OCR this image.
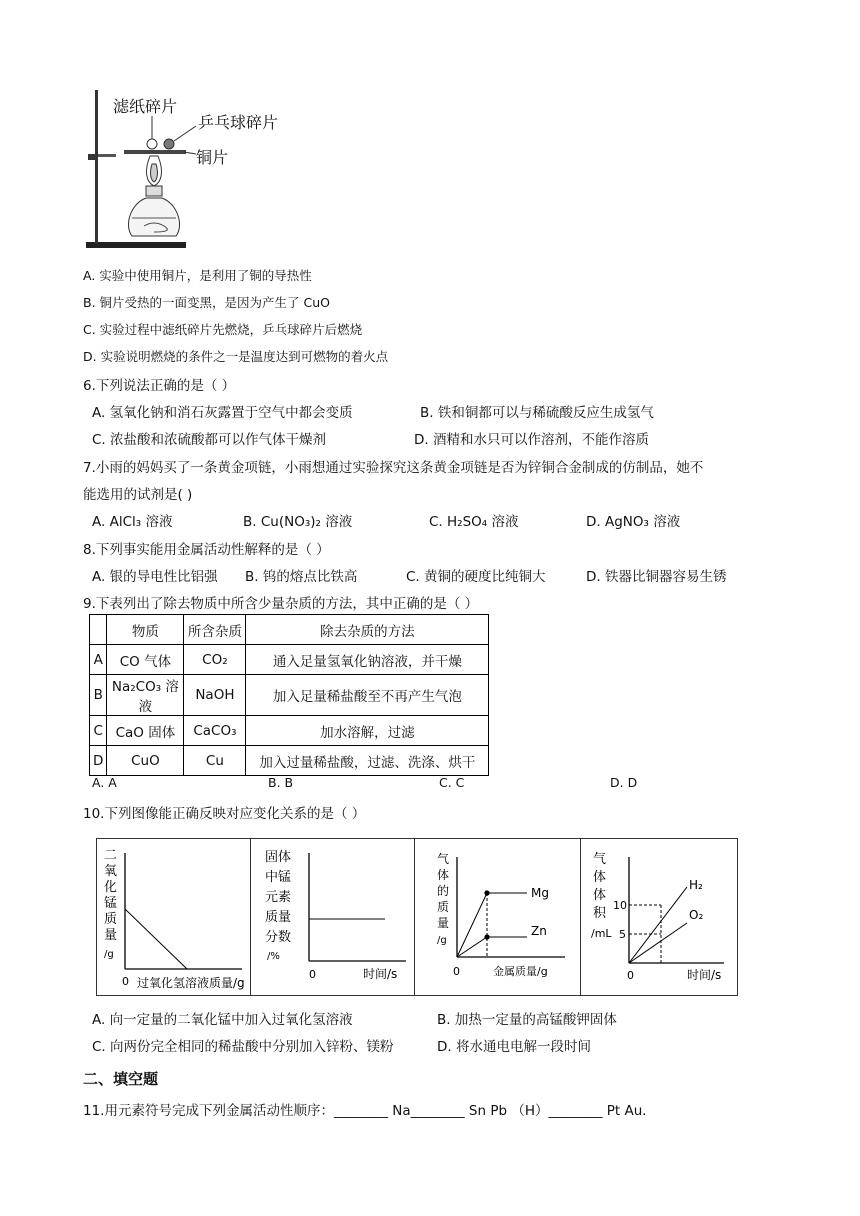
滤纸碎片
乒乓球碎片
铜片
A. 实验中使用铜片，是利用了铜的导热性
B. 铜片受热的一面变黑，是因为产生了 CuO
C. 实验过程中滤纸碎片先燃烧，乒乓球碎片后燃烧
D. 实验说明燃烧的条件之一是温度达到可燃物的着火点
6.下列说法正确的是（ ）
A. 氢氧化钠和消石灰露置于空气中都会变质	B. 铁和铜都可以与稀硫酸反应生成氢气
C. 浓盐酸和浓硫酸都可以作气体干燥剂	D. 酒精和水只可以作溶剂，不能作溶质
7.小雨的妈妈买了一条黄金项链，小雨想通过实验探究这条黄金项链是否为锌铜合金制成的仿制品，她不
能选用的试剂是( )
A. AlCl₃ 溶液	B. Cu(NO₃)₂ 溶液	C. H₂SO₄ 溶液	D. AgNO₃ 溶液
8.下列事实能用金属活动性解释的是（ ）
A. 银的导电性比铝强 B. 钨的熔点比铁高	C. 黄铜的硬度比纯铜大	D. 铁器比铜器容易生锈
9.下表列出了除去物质中所含少量杂质的方法，其中正确的是（ ）
	物质	所含杂质	除去杂质的方法
A	CO 气体	CO₂	通入足量氢氧化钠溶液，并干燥
B	Na₂CO₃ 溶液	NaOH	加入足量稀盐酸至不再产生气泡
C	CaO 固体	CaCO₃	加水溶解，过滤
D	CuO	Cu	加入过量稀盐酸，过滤、洗涤、烘干
A. A	B. B	C. C	D. D
10.下列图像能正确反映对应变化关系的是（ ）
二
氧
化
锰
质
量
/g
0 过氧化氢溶液质量/g
固体
中锰
元素
质量
分数
/%
0	时间/s
Mg
Zn
气
体
的
质
量
/g
0	金属质量/g
H₂
O₂
10
5
气
体
体
积
/mL
0	时间/s
A. 向一定量的二氧化锰中加入过氧化氢溶液	B. 加热一定量的高锰酸钾固体
C. 向两份完全相同的稀盐酸中分别加入锌粉、镁粉	D. 将水通电电解一段时间
二、填空题
11.用元素符号完成下列金属活动性顺序：________ Na________ Sn Pb （H）________ Pt Au．
